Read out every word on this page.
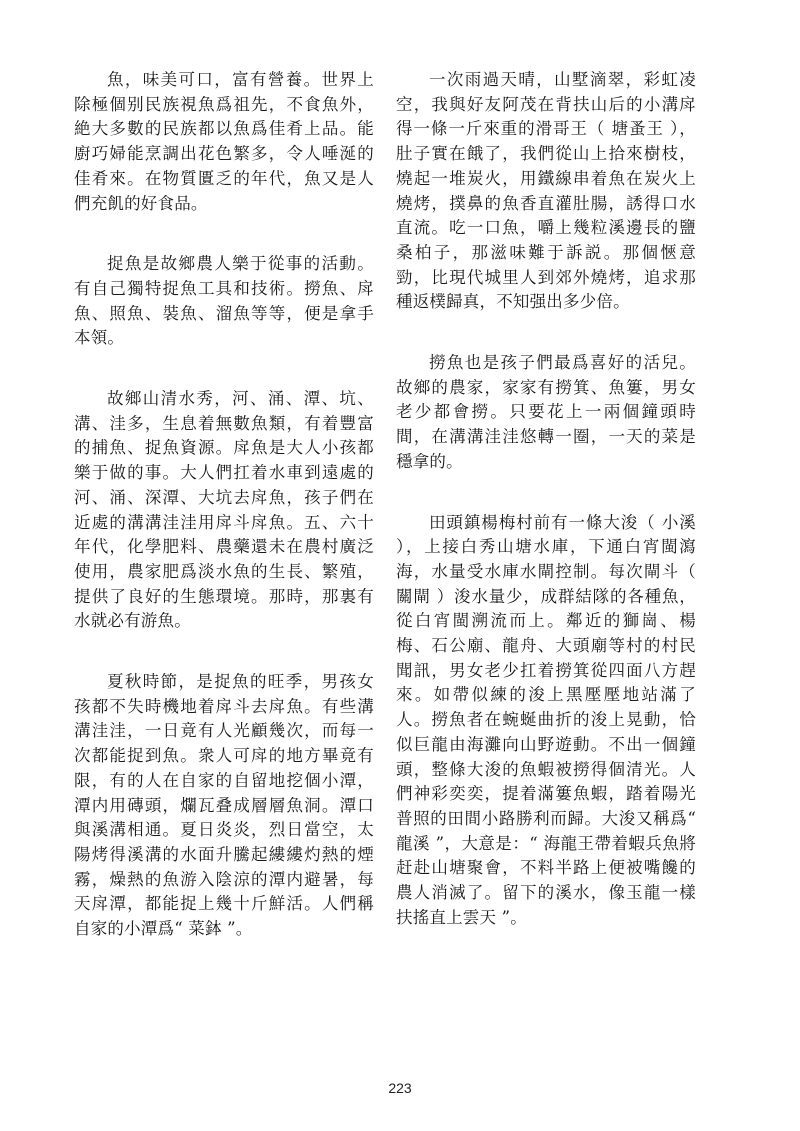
魚，味美可口，富有營養。世界上除極個别民族視魚爲祖先，不食魚外，絶大多數的民族都以魚爲佳肴上品。能廚巧婦能烹調出花色繁多，令人唾涎的佳肴來。在物質匱乏的年代，魚又是人們充飢的好食品。

捉魚是故鄉農人樂于從事的活動。有自己獨特捉魚工具和技術。撈魚、戽魚、照魚、裝魚、溜魚等等，便是拿手本領。

故鄉山清水秀，河、涌、潭、坑、溝、洼多，生息着無數魚類，有着豐富的捕魚、捉魚資源。戽魚是大人小孩都樂于做的事。大人們扛着水車到遠處的河、涌、深潭、大坑去戽魚，孩子們在近處的溝溝洼洼用戽斗戽魚。五、六十年代，化學肥料、農藥還未在農村廣泛使用，農家肥爲淡水魚的生長、繁殖，提供了良好的生態環境。那時，那裏有水就必有游魚。

夏秋時節，是捉魚的旺季，男孩女孩都不失時機地着戽斗去戽魚。有些溝溝洼洼，一日竟有人光顧幾次，而每一次都能捉到魚。衆人可戽的地方畢竟有限，有的人在自家的自留地挖個小潭，潭内用磚頭，爛瓦叠成層層魚洞。潭口與溪溝相通。夏日炎炎，烈日當空，太陽烤得溪溝的水面升騰起縷縷灼熱的煙霧，燥熱的魚游入陰涼的潭内避暑，每天戽潭，都能捉上幾十斤鮮活。人們稱自家的小潭爲“ 菜鉢 ”。

一次雨過天晴，山墅滴翠，彩虹凌空，我與好友阿茂在背扶山后的小溝戽得一條一斤來重的滑哥王（ 塘蚤王 ），肚子實在餓了，我們從山上拾來樹枝，燒起一堆炭火，用鐵線串着魚在炭火上燒烤，撲鼻的魚香直灌肚腸，誘得口水直流。吃一口魚，嚼上幾粒溪邊長的鹽桑柏子，那滋味難于訴説。那個愜意勁，比現代城里人到郊外燒烤，追求那種返樸歸真，不知强出多少倍。

撈魚也是孩子們最爲喜好的活兒。故鄉的農家，家家有撈箕、魚簍，男女老少都會撈。只要花上一兩個鐘頭時間，在溝溝洼洼悠轉一圈，一天的菜是穩拿的。

田頭鎮楊梅村前有一條大浚（ 小溪 ），上接白秀山塘水庫，下通白宵閩瀉海，水量受水庫水閘控制。每次閘斗（ 關閘 ）浚水量少，成群結隊的各種魚，從白宵閩溯流而上。鄰近的獅崗、楊梅、石公廟、龍舟、大頭廟等村的村民聞訊，男女老少扛着撈箕從四面八方趕來。如帶似練的浚上黑壓壓地站滿了人。撈魚者在蜿蜒曲折的浚上晃動，恰似巨龍由海灘向山野遊動。不出一個鐘頭，整條大浚的魚蝦被撈得個清光。人們神彩奕奕，提着滿簍魚蝦，踏着陽光普照的田間小路勝利而歸。大浚又稱爲“ 龍溪 ”，大意是：“ 海龍王帶着蝦兵魚將赶赴山塘聚會，不料半路上便被嘴饞的農人消滅了。留下的溪水，像玉龍一樣扶搖直上雲天 ”。

223
